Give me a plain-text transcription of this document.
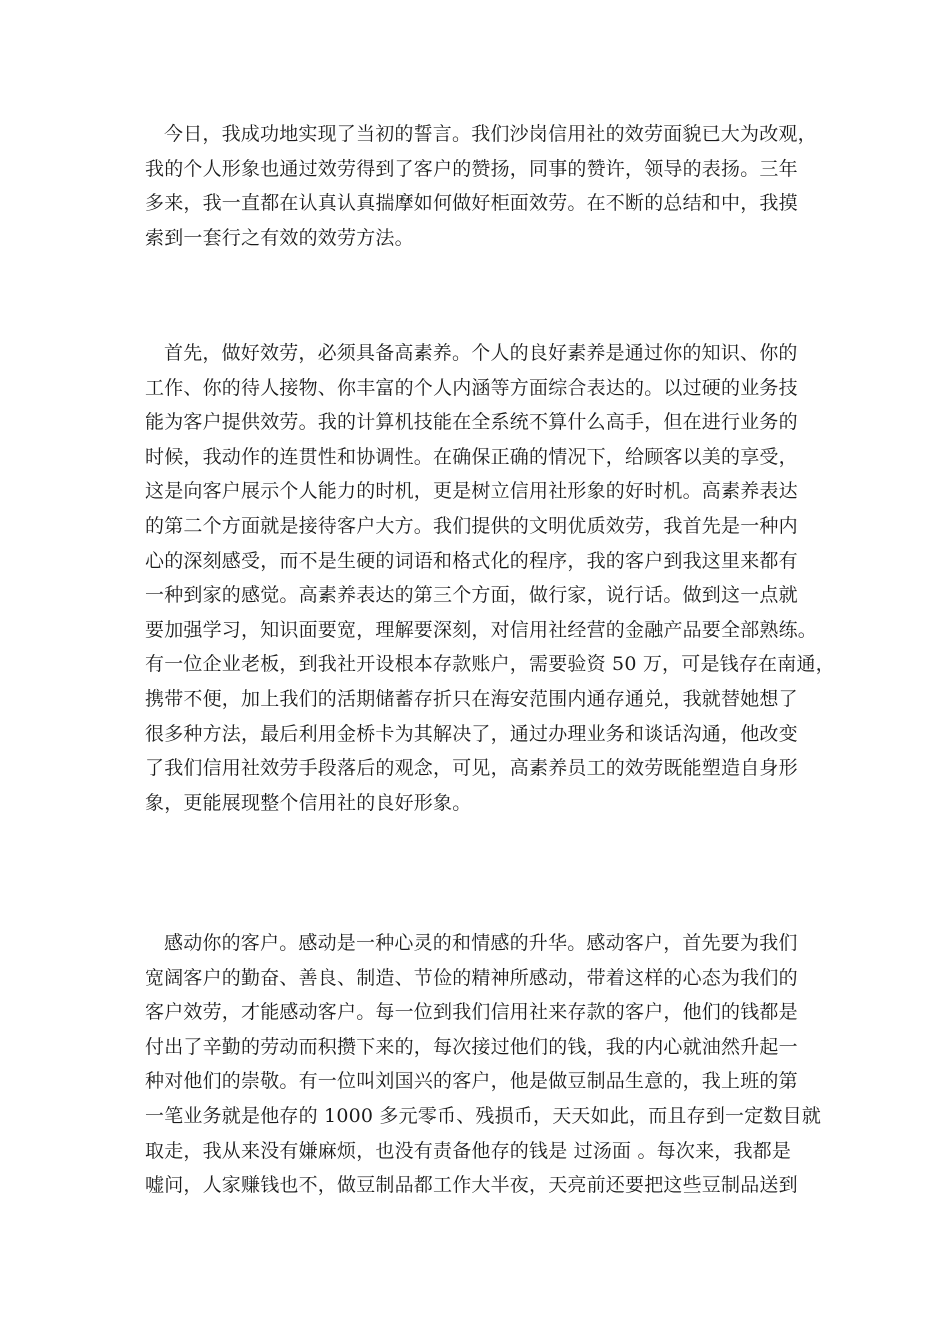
今日，我成功地实现了当初的誓言。我们沙岗信用社的效劳面貌已大为改观，
我的个人形象也通过效劳得到了客户的赞扬，同事的赞许，领导的表扬。三年
多来，我一直都在认真认真揣摩如何做好柜面效劳。在不断的总结和中，我摸
索到一套行之有效的效劳方法。
首先，做好效劳，必须具备高素养。个人的良好素养是通过你的知识、你的
工作、你的待人接物、你丰富的个人内涵等方面综合表达的。以过硬的业务技
能为客户提供效劳。我的计算机技能在全系统不算什么高手，但在进行业务的
时候，我动作的连贯性和协调性。在确保正确的情况下，给顾客以美的享受，
这是向客户展示个人能力的时机，更是树立信用社形象的好时机。高素养表达
的第二个方面就是接待客户大方。我们提供的文明优质效劳，我首先是一种内
心的深刻感受，而不是生硬的词语和格式化的程序，我的客户到我这里来都有
一种到家的感觉。高素养表达的第三个方面，做行家，说行话。做到这一点就
要加强学习，知识面要宽，理解要深刻，对信用社经营的金融产品要全部熟练。
有一位企业老板，到我社开设根本存款账户，需要验资 50 万，可是钱存在南通，
携带不便，加上我们的活期储蓄存折只在海安范围内通存通兑，我就替她想了
很多种方法，最后利用金桥卡为其解决了，通过办理业务和谈话沟通，他改变
了我们信用社效劳手段落后的观念，可见，高素养员工的效劳既能塑造自身形
象，更能展现整个信用社的良好形象。
感动你的客户。感动是一种心灵的和情感的升华。感动客户，首先要为我们
宽阔客户的勤奋、善良、制造、节俭的精神所感动，带着这样的心态为我们的
客户效劳，才能感动客户。每一位到我们信用社来存款的客户，他们的钱都是
付出了辛勤的劳动而积攒下来的，每次接过他们的钱，我的内心就油然升起一
种对他们的崇敬。有一位叫刘国兴的客户，他是做豆制品生意的，我上班的第
一笔业务就是他存的 1000 多元零币、残损币，天天如此，而且存到一定数目就
取走，我从来没有嫌麻烦，也没有责备他存的钱是 过汤面 。每次来，我都是
嘘问，人家赚钱也不，做豆制品都工作大半夜，天亮前还要把这些豆制品送到
